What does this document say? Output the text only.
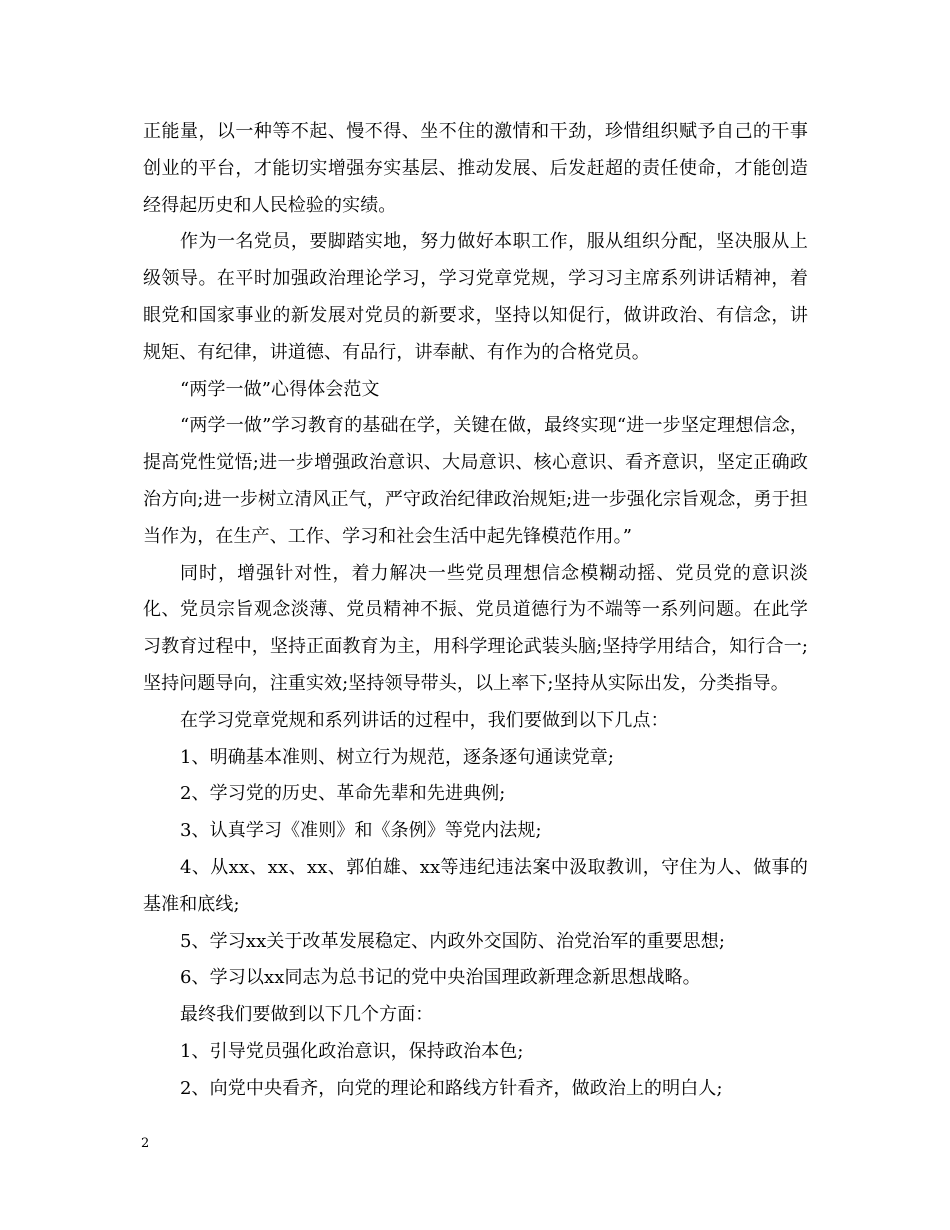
正能量，以一种等不起、慢不得、坐不住的激情和干劲，珍惜组织赋予自己的干事创业的平台，才能切实增强夯实基层、推动发展、后发赶超的责任使命，才能创造经得起历史和人民检验的实绩。

作为一名党员，要脚踏实地，努力做好本职工作，服从组织分配，坚决服从上级领导。在平时加强政治理论学习，学习党章党规，学习习主席系列讲话精神，着眼党和国家事业的新发展对党员的新要求，坚持以知促行，做讲政治、有信念，讲规矩、有纪律，讲道德、有品行，讲奉献、有作为的合格党员。

“两学一做”心得体会范文

“两学一做”学习教育的基础在学，关键在做，最终实现“进一步坚定理想信念，提高党性觉悟;进一步增强政治意识、大局意识、核心意识、看齐意识，坚定正确政治方向;进一步树立清风正气，严守政治纪律政治规矩;进一步强化宗旨观念，勇于担当作为，在生产、工作、学习和社会生活中起先锋模范作用。”

同时，增强针对性，着力解决一些党员理想信念模糊动摇、党员党的意识淡化、党员宗旨观念淡薄、党员精神不振、党员道德行为不端等一系列问题。在此学习教育过程中，坚持正面教育为主，用科学理论武装头脑;坚持学用结合，知行合一;坚持问题导向，注重实效;坚持领导带头，以上率下;坚持从实际出发，分类指导。

在学习党章党规和系列讲话的过程中，我们要做到以下几点：

1、明确基本准则、树立行为规范，逐条逐句通读党章;

2、学习党的历史、革命先辈和先进典例;

3、认真学习《准则》和《条例》等党内法规;

4、从xx、xx、xx、郭伯雄、xx等违纪违法案中汲取教训，守住为人、做事的基准和底线;

5、学习xx关于改革发展稳定、内政外交国防、治党治军的重要思想;

6、学习以xx同志为总书记的党中央治国理政新理念新思想战略。

最终我们要做到以下几个方面：

1、引导党员强化政治意识，保持政治本色;

2、向党中央看齐，向党的理论和路线方针看齐，做政治上的明白人;

2
